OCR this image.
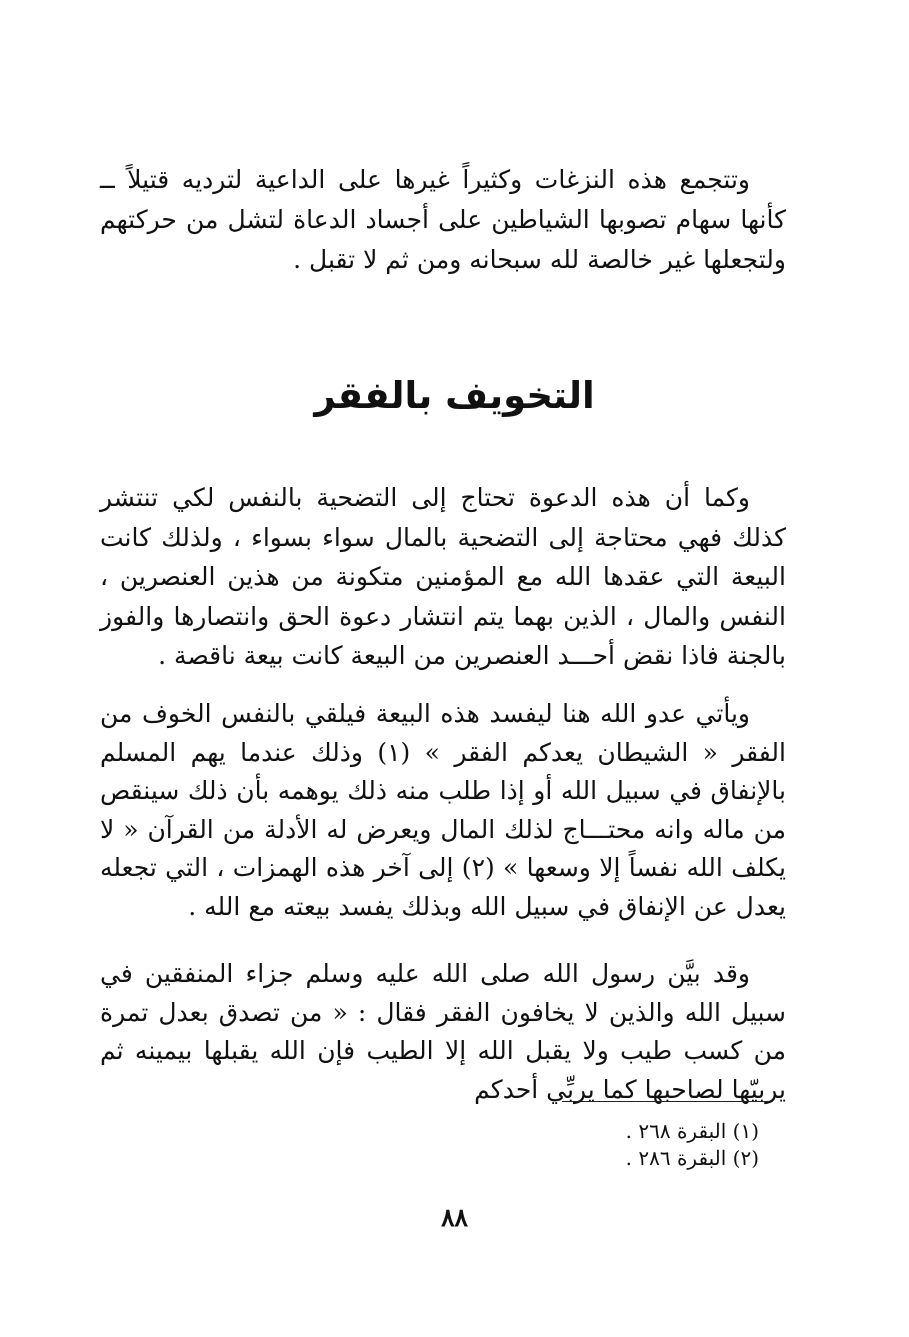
وتتجمع هذه النزغات وكثيراً غيرها على الداعية لترديه قتيلاً ــ كأنها سهام تصوبها الشياطين على أجساد الدعاة لتشل من حركتهم ولتجعلها غير خالصة لله سبحانه ومن ثم لا تقبل .

التخويف بالفقر

وكما أن هذه الدعوة تحتاج إلى التضحية بالنفس لكي تنتشر كذلك فهي محتاجة إلى التضحية بالمال سواء بسواء ، ولذلك كانت البيعة التي عقدها الله مع المؤمنين متكونة من هذين العنصرين ، النفس والمال ، الذين بهما يتم انتشار دعوة الحق وانتصارها والفوز بالجنة فاذا نقض أحـــد العنصرين من البيعة كانت بيعة ناقصة .

ويأتي عدو الله هنا ليفسد هذه البيعة فيلقي بالنفس الخوف من الفقر « الشيطان يعدكم الفقر » (١) وذلك عندما يهم المسلم بالإنفاق في سبيل الله أو إذا طلب منه ذلك يوهمه بأن ذلك سينقص من ماله وانه محتـــاج لذلك المال ويعرض له الأدلة من القرآن « لا يكلف الله نفساً إلا وسعها » (٢) إلى آخر هذه الهمزات ، التي تجعله يعدل عن الإنفاق في سبيل الله وبذلك يفسد بيعته مع الله .

وقد بيَّن رسول الله صلى الله عليه وسلم جزاء المنفقين في سبيل الله والذين لا يخافون الفقر فقال : « من تصدق بعدل تمرة من كسب طيب ولا يقبل الله إلا الطيب فإن الله يقبلها بيمينه ثم يربيّها لصاحبها كما يربِّي أحدكم

(١) البقرة ٢٦٨ .
(٢) البقرة ٢٨٦ .
٨٨
